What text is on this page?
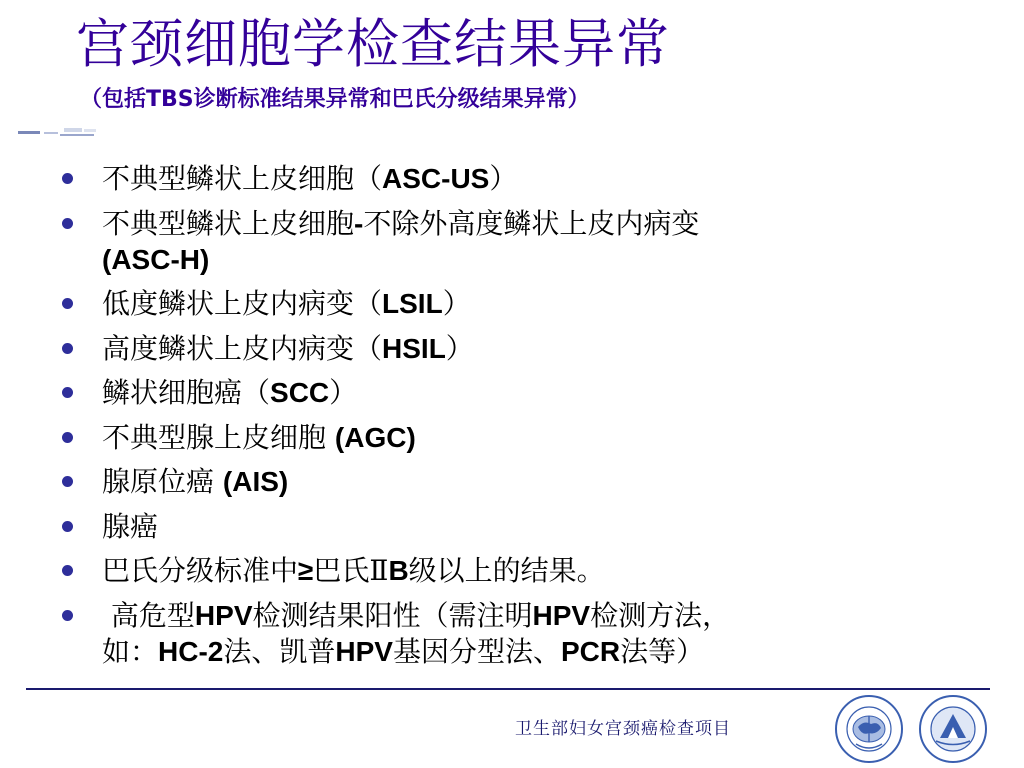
宫颈细胞学检查结果异常

（包括TBS诊断标准结果异常和巴氏分级结果异常）

不典型鳞状上皮细胞（ASC-US）
不典型鳞状上皮细胞-不除外高度鳞状上皮内病变
(ASC-H)
低度鳞状上皮内病变（LSIL）
高度鳞状上皮内病变（HSIL）
鳞状细胞癌（SCC）
不典型腺上皮细胞 (AGC)
腺原位癌 (AIS)
腺癌
巴氏分级标准中≥巴氏ⅡB级以上的结果。
高危型HPV检测结果阳性（需注明HPV检测方法，
如：HC-2法、凯普HPV基因分型法、PCR法等）

卫生部妇女宫颈癌检查项目
